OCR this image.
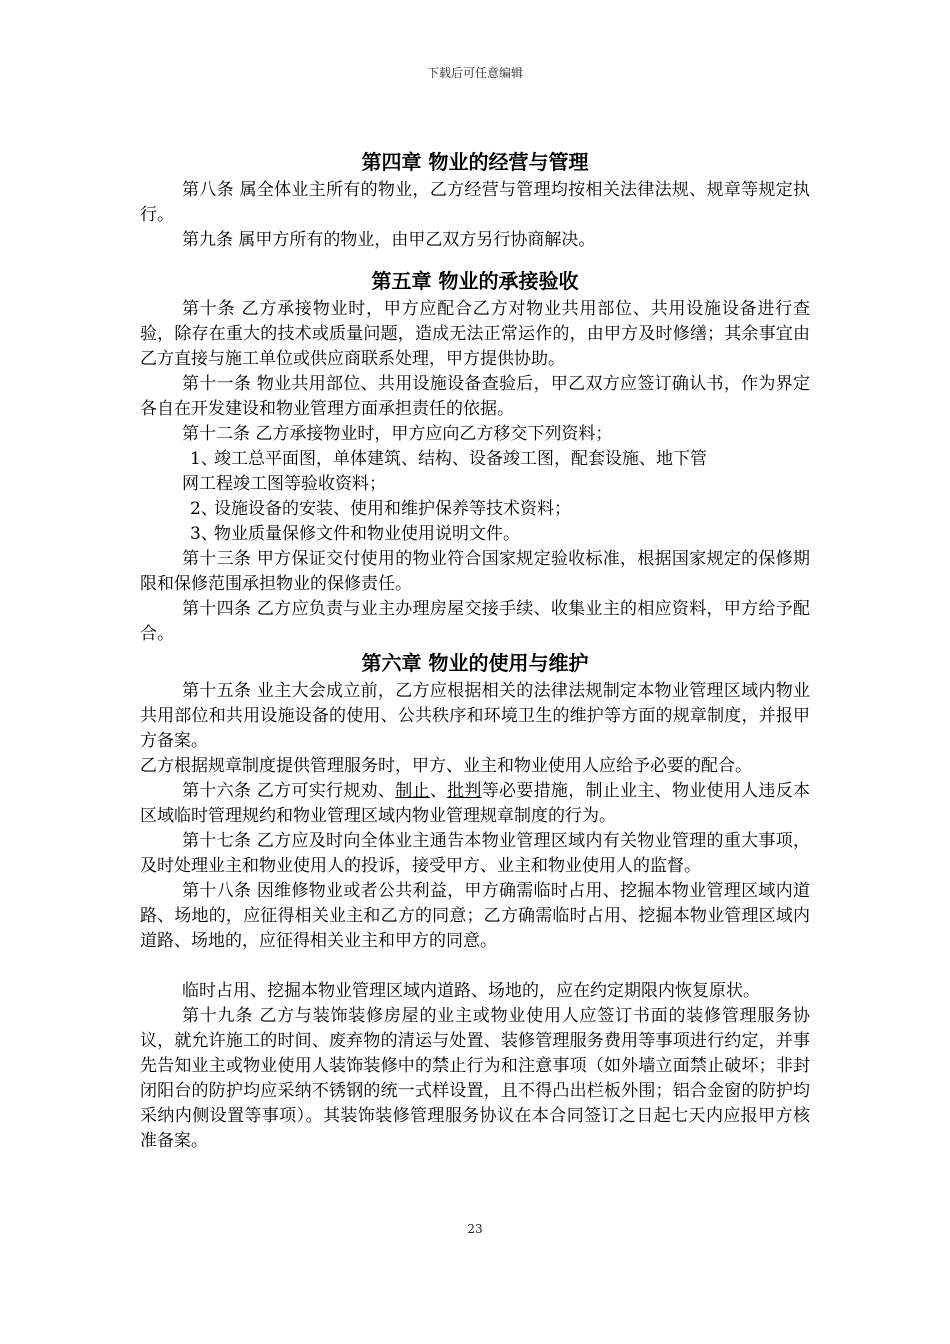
下载后可任意编辑
第四章 物业的经营与管理

第八条 属全体业主所有的物业，乙方经营与管理均按相关法律法规、规章等规定执行。

第九条 属甲方所有的物业，由甲乙双方另行协商解决。

第五章 物业的承接验收

第十条 乙方承接物业时，甲方应配合乙方对物业共用部位、共用设施设备进行查验，除存在重大的技术或质量问题，造成无法正常运作的，由甲方及时修缮；其余事宜由乙方直接与施工单位或供应商联系处理，甲方提供协助。

第十一条 物业共用部位、共用设施设备查验后，甲乙双方应签订确认书，作为界定各自在开发建设和物业管理方面承担责任的依据。

第十二条 乙方承接物业时，甲方应向乙方移交下列资料；

1、
竣工总平面图，单体建筑、结构、设备竣工图，配套设施、地下管
网工程竣工图等验收资料；
2、
设施设备的安装、使用和维护保养等技术资料；
3、
物业质量保修文件和物业使用说明文件。

第十三条 甲方保证交付使用的物业符合国家规定验收标准，根据国家规定的保修期限和保修范围承担物业的保修责任。

第十四条 乙方应负责与业主办理房屋交接手续、收集业主的相应资料，甲方给予配合。

第六章 物业的使用与维护

第十五条 业主大会成立前，乙方应根据相关的法律法规制定本物业管理区域内物业共用部位和共用设施设备的使用、公共秩序和环境卫生的维护等方面的规章制度，并报甲方备案。

乙方根据规章制度提供管理服务时，甲方、业主和物业使用人应给予必要的配合。

第十六条 乙方可实行规劝、制止、批判等必要措施，制止业主、物业使用人违反本区域临时管理规约和物业管理区域内物业管理规章制度的行为。

第十七条 乙方应及时向全体业主通告本物业管理区域内有关物业管理的重大事项，及时处理业主和物业使用人的投诉，接受甲方、业主和物业使用人的监督。

第十八条 因维修物业或者公共利益，甲方确需临时占用、挖掘本物业管理区域内道路、场地的，应征得相关业主和乙方的同意；乙方确需临时占用、挖掘本物业管理区域内道路、场地的，应征得相关业主和甲方的同意。

临时占用、挖掘本物业管理区域内道路、场地的，应在约定期限内恢复原状。

第十九条 乙方与装饰装修房屋的业主或物业使用人应签订书面的装修管理服务协议，就允许施工的时间、废弃物的清运与处置、装修管理服务费用等事项进行约定，并事先告知业主或物业使用人装饰装修中的禁止行为和注意事项（如外墙立面禁止破坏；非封闭阳台的防护均应采纳不锈钢的统一式样设置，且不得凸出栏板外围；铝合金窗的防护均采纳内侧设置等事项）。其装饰装修管理服务协议在本合同签订之日起七天内应报甲方核准备案。

23
